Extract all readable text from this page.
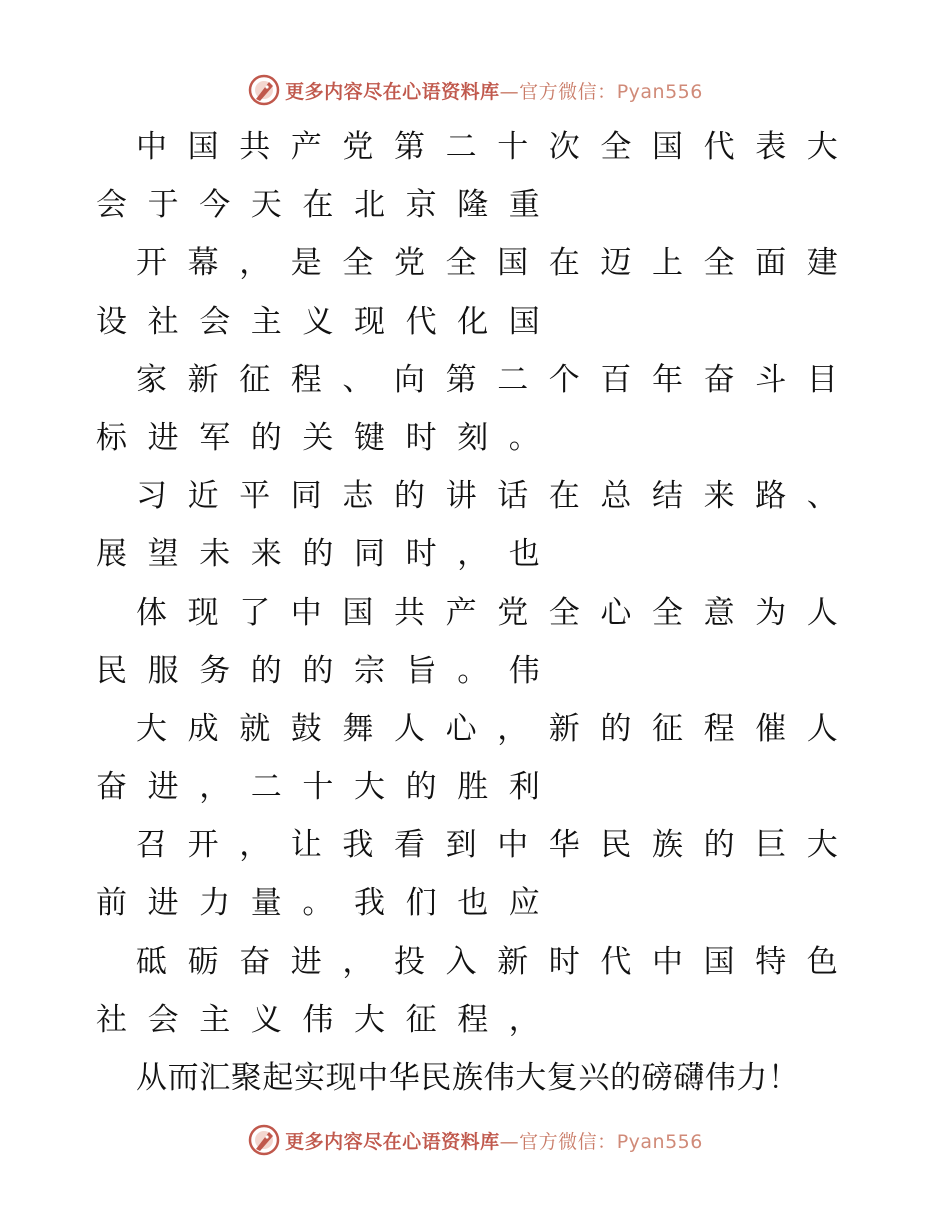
更多内容尽在心语资料库—官方微信：Pyan556
中国共产党第二十次全国代表大
会于今天在北京隆重
开幕，是全党全国在迈上全面建
设社会主义现代化国
家新征程、向第二个百年奋斗目
标进军的关键时刻。
习近平同志的讲话在总结来路、
展望未来的同时，也
体现了中国共产党全心全意为人
民服务的的宗旨。伟
大成就鼓舞人心，新的征程催人
奋进，二十大的胜利
召开，让我看到中华民族的巨大
前进力量。我们也应
砥砺奋进，投入新时代中国特色
社会主义伟大征程，
从而汇聚起实现中华民族伟大复兴的磅礴伟力！
更多内容尽在心语资料库—官方微信：Pyan556
